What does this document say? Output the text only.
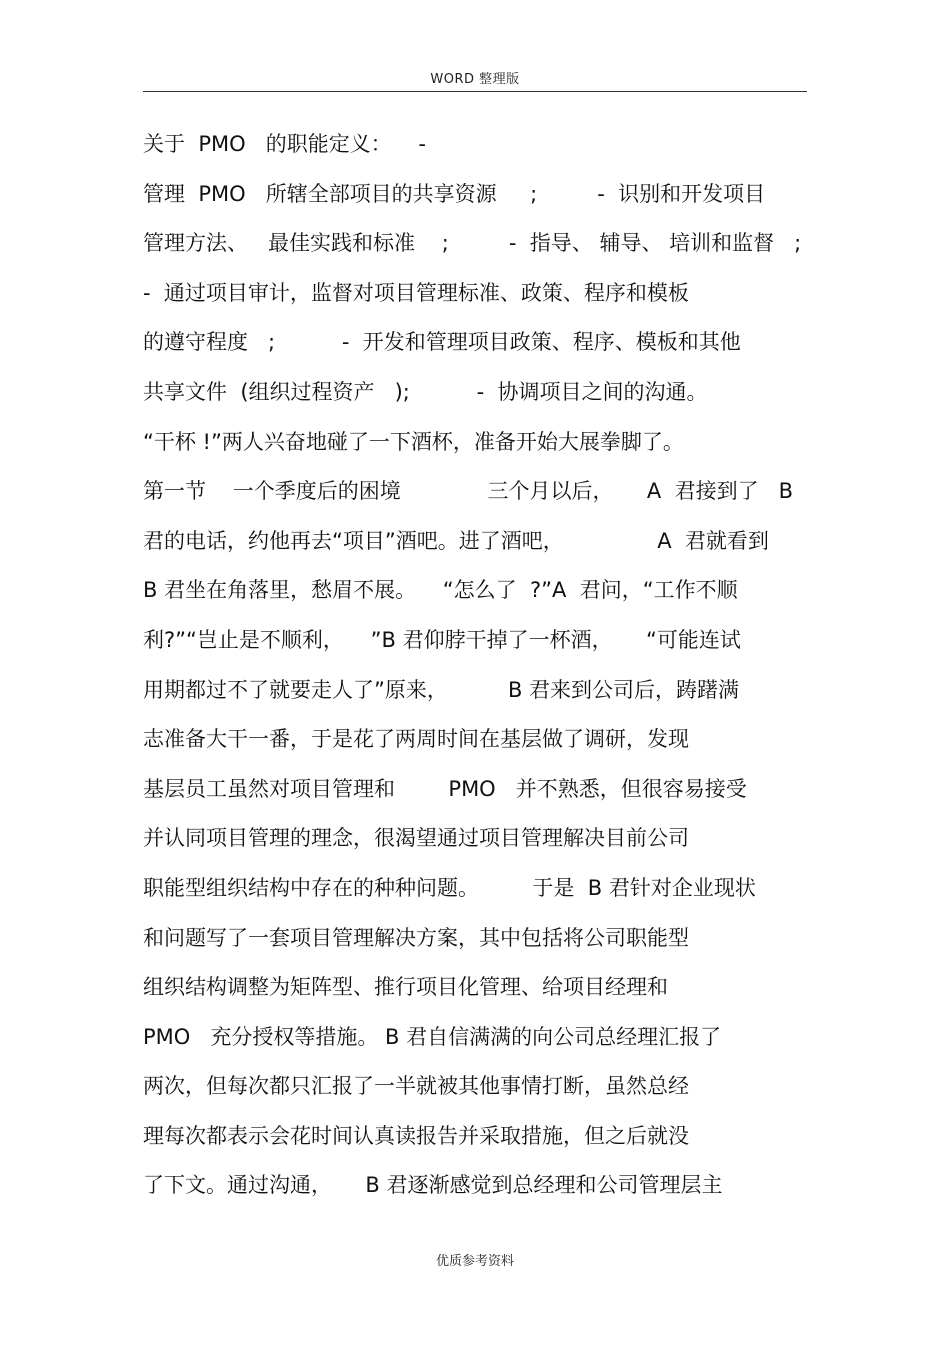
WORD 整理版
关于  PMO   的职能定义：    -
管理  PMO   所辖全部项目的共享资源     ;         -  识别和开发项目
管理方法、   最佳实践和标准    ;         -  指导、 辅导、 培训和监督   ;
-  通过项目审计，监督对项目管理标准、政策、程序和模板
的遵守程度   ;          -  开发和管理项目政策、程序、模板和其他
共享文件  (组织过程资产   );          -  协调项目之间的沟通。
“干杯 !”两人兴奋地碰了一下酒杯，准备开始大展拳脚了。
第一节    一个季度后的困境             三个月以后，     A  君接到了   B
君的电话，约他再去“项目”酒吧。进了酒吧，              A  君就看到
B 君坐在角落里，愁眉不展。    “怎么了  ?”A  君问，“工作不顺
利?”“岂止是不顺利，    ”B 君仰脖干掉了一杯酒，     “可能连试
用期都过不了就要走人了”原来，         B 君来到公司后，踌躇满
志准备大干一番，于是花了两周时间在基层做了调研，发现
基层员工虽然对项目管理和        PMO   并不熟悉，但很容易接受
并认同项目管理的理念，很渴望通过项目管理解决目前公司
职能型组织结构中存在的种种问题。        于是  B 君针对企业现状
和问题写了一套项目管理解决方案，其中包括将公司职能型
组织结构调整为矩阵型、推行项目化管理、给项目经理和
PMO   充分授权等措施。 B 君自信满满的向公司总经理汇报了
两次，但每次都只汇报了一半就被其他事情打断，虽然总经
理每次都表示会花时间认真读报告并采取措施，但之后就没
了下文。通过沟通，     B 君逐渐感觉到总经理和公司管理层主
优质参考资料
